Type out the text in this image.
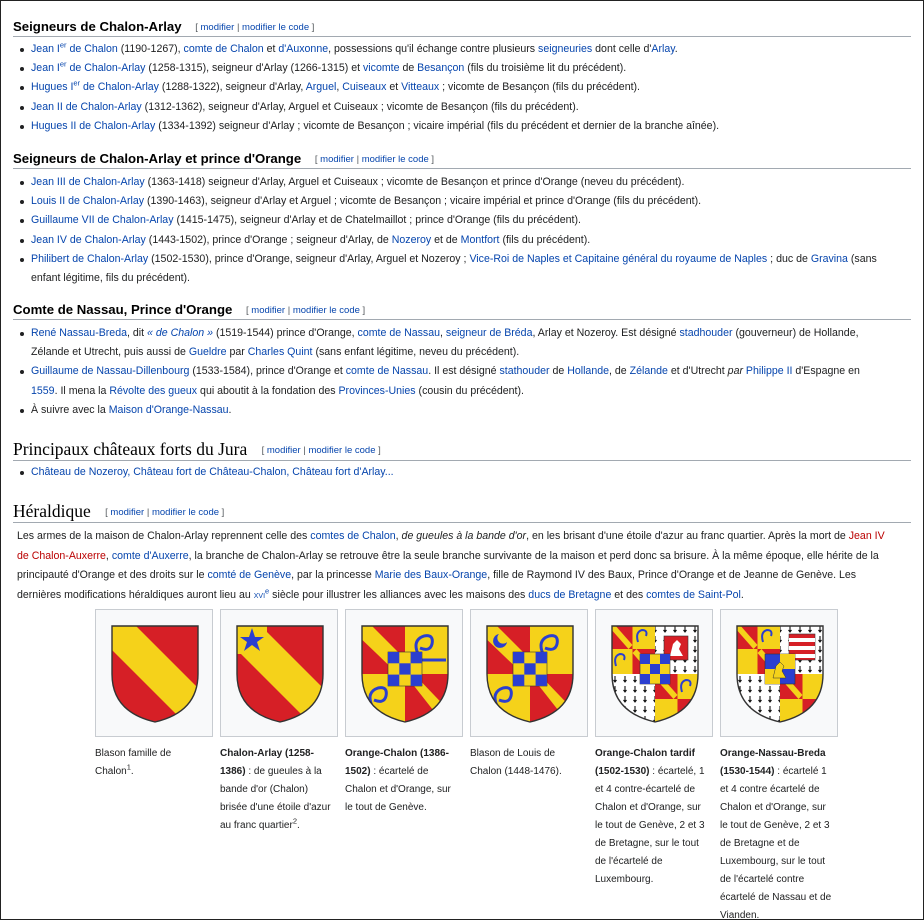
Seigneurs de Chalon-Arlay [ modifier | modifier le code ]
Jean Ier de Chalon (1190-1267), comte de Chalon et d'Auxonne, possessions qu'il échange contre plusieurs seigneuries dont celle d'Arlay.
Jean Ier de Chalon-Arlay (1258-1315), seigneur d'Arlay (1266-1315) et vicomte de Besançon (fils du troisième lit du précédent).
Hugues Ier de Chalon-Arlay (1288-1322), seigneur d'Arlay, Arguel, Cuiseaux et Vitteaux ; vicomte de Besançon (fils du précédent).
Jean II de Chalon-Arlay (1312-1362), seigneur d'Arlay, Arguel et Cuiseaux ; vicomte de Besançon (fils du précédent).
Hugues II de Chalon-Arlay (1334-1392) seigneur d'Arlay ; vicomte de Besançon ; vicaire impérial (fils du précédent et dernier de la branche aînée).
Seigneurs de Chalon-Arlay et prince d'Orange [ modifier | modifier le code ]
Jean III de Chalon-Arlay (1363-1418) seigneur d'Arlay, Arguel et Cuiseaux ; vicomte de Besançon et prince d'Orange (neveu du précédent).
Louis II de Chalon-Arlay (1390-1463), seigneur d'Arlay et Arguel ; vicomte de Besançon ; vicaire impérial et prince d'Orange (fils du précédent).
Guillaume VII de Chalon-Arlay (1415-1475), seigneur d'Arlay et de Chatelmaillot ; prince d'Orange (fils du précédent).
Jean IV de Chalon-Arlay (1443-1502), prince d'Orange ; seigneur d'Arlay, de Nozeroy et de Montfort (fils du précédent).
Philibert de Chalon-Arlay (1502-1530), prince d'Orange, seigneur d'Arlay, Arguel et Nozeroy ; Vice-Roi de Naples et Capitaine général du royaume de Naples ; duc de Gravina (sans
enfant légitime, fils du précédent).
Comte de Nassau, Prince d'Orange [ modifier | modifier le code ]
René Nassau-Breda, dit « de Chalon » (1519-1544) prince d'Orange, comte de Nassau, seigneur de Bréda, Arlay et Nozeroy. Est désigné stadhouder (gouverneur) de Hollande,
Zélande et Utrecht, puis aussi de Gueldre par Charles Quint (sans enfant légitime, neveu du précédent).
Guillaume de Nassau-Dillenbourg (1533-1584), prince d'Orange et comte de Nassau. Il est désigné stathouder de Hollande, de Zélande et d'Utrecht par Philippe II d'Espagne en
1559. Il mena la Révolte des gueux qui aboutit à la fondation des Provinces-Unies (cousin du précédent).
À suivre avec la Maison d'Orange-Nassau.
Principaux châteaux forts du Jura [ modifier | modifier le code ]
Château de Nozeroy, Château fort de Château-Chalon, Château fort d'Arlay...
Héraldique [ modifier | modifier le code ]
Les armes de la maison de Chalon-Arlay reprennent celle des comtes de Chalon, de gueules à la bande d'or, en les brisant d'une étoile d'azur au franc quartier. Après la mort de Jean IV
de Chalon-Auxerre, comte d'Auxerre, la branche de Chalon-Arlay se retrouve être la seule branche survivante de la maison et perd donc sa brisure. À la même époque, elle hérite de la
principauté d'Orange et des droits sur le comté de Genève, par la princesse Marie des Baux-Orange, fille de Raymond IV des Baux, Prince d'Orange et de Jeanne de Genève. Les
dernières modifications héraldiques auront lieu au xvi$^e$ siècle pour illustrer les alliances avec les maisons des ducs de Bretagne et des comtes de Saint-Pol.
Blason famille de
Chalon$^1$.
Chalon-Arlay (1258-
1386) : de gueules à la
bande d'or (Chalon)
brisée d'une étoile d'azur
au franc quartier$^2$.
Orange-Chalon (1386-
1502) : écartelé de
Chalon et d'Orange, sur
le tout de Genève.
Blason de Louis de
Chalon (1448-1476).
Orange-Chalon tardif
(1502-1530) : écartelé, 1
et 4 contre-écartelé de
Chalon et d'Orange, sur
le tout de Genève, 2 et 3
de Bretagne, sur le tout
de l'écartelé de
Luxembourg.
Orange-Nassau-Breda
(1530-1544) : écartelé 1
et 4 contre écartelé de
Chalon et d'Orange, sur
le tout de Genève, 2 et 3
de Bretagne et de
Luxembourg, sur le tout
de l'écartelé contre
écartelé de Nassau et de
Vianden.
